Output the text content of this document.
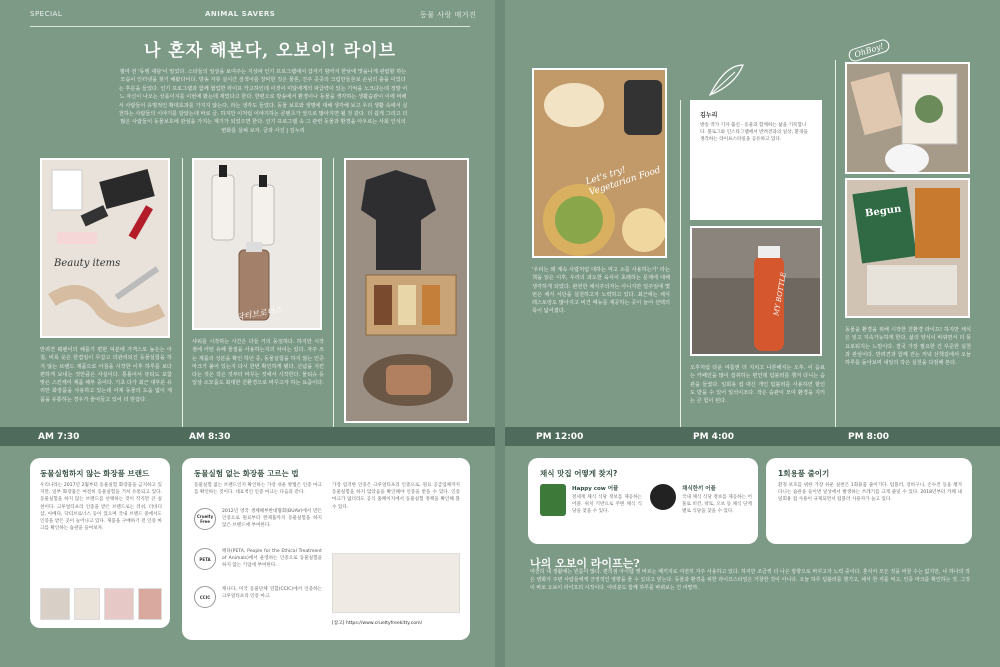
SPECIAL	ANIMAL SAVERS	동물 사랑 매거진
나 혼자 해본다, 오보이! 라이브
필마 전 '동행 대담'이 밀었다. 스타들의 일상을 보여주는 지상파 인기 프로그램에서 갑자기 밤까지 한낮에 맛을나게 관람할 하는 모습이 인터넷을 찾기 해왔다이다. 방송 자류 실시간 검색어를 장악한 것은 물론, 진주 곳곳의 크림만들론보 손님의 출을 이었다는 후문을 들었다. 인기 프로그램과 함께 협업한 라이프 카고하인데 이것이 미달에게의 파급력이 있는 기억을 노크다는데 정말 어느 자신이 나오는 상품이지를 이번에 봤는데 재밌다고 한다. 한편으로 방송에서 환경이나 동물을 생각하는 생활습관이 이에 비해서 사람들이 유명적인 확대효과를 가지지 않는다, 라는 생각도 들었다. 동물 보호와 생명에 대해 생각해 보고 우리 생활 속에서 실천하는 사람들의 이야기를 담았는데 바로 글. 하지만 이처럼 이야기하는 콘텐츠가 앞으로 많아지면 될 것 같다. 더 쉽게 그리고 더 많은 사람들이 동물보호에 관심을 가지는 계기가 되었으면 한다. 인기 프로그램 속 그 관련 동물과 환경을 아우르는 사회 인식의 변화를 살펴 보자. 글과 사진 | 김누리
Beauty items
반려견 웨웬이의 해를기 편한 덕분에 가격스로 높은는 아침, 비록 옷은 한겹일이 무갑고 의관리되진 동물실험을 하지 않는 브랜드 제품으로 아침을 시작한 이후 하루를 보다 편하게 보내는 것만큼은 사실이다. 통틀어서 뷰티도 포함 맞은 스킨케어 제품 해부 중이다. 기초 다가 최근 대부분 유리만 화장품을 사용하고 있는데 이제 동물의 도움 없이 제품을 유통하는 경우가 줄어들고 있어 더 반갑다.
닥터브로너스
샤워를 시작하는 시간은 다들 거의 동일하다. 하지만 시작점에 어떤 유해 물질을 사용하는지의 차이는 있다. 자주 쓰는 제품의 성분을 확인 하던 중, 동물실험을 하지 않는 인증 마크가 붙어 있는지 다시 한번 확인하게 됐다. 신념을 지킨다는 것은 작은 것부터 바꾸는 것에서 시작한다. 물티슈 등 일상 소모품도 최대한 친환경으로 바꾸고자 하는 요즘이다.
AM 7:30	AM 8:30
동물실험하지 않는 화장품 브랜드
우리나라는 2017년 2월부터 동물실험 화장품을 금지하고 있지만, 일부 화장품은 여전히 동물실험을 거쳐 유통되고 있다. 동물실험을 하지 않는 브랜드를 선택하는 것이 작지만 큰 실천이다. 크루얼티프리 인증을 받은 브랜드로는 러쉬, 더바디샵, 아베다, 닥터브로너스 등이 있으며 국내 브랜드 중에서도 인증을 받은 곳이 늘어나고 있다. 제품을 구매하기 전 인증 마크를 확인하는 습관을 들여보자.
동물실험 없는 화장품 고르는 법
동물실험 없는 브랜드인지 확인하는 가장 쉬운 방법은 인증 마크를 확인하는 것이다. 대표적인 인증 마크는 다음과 같다.
Cruelty Free
2012년 영국 생체해부반대협회(BUAV)에서 만든 인증으로 원료부터 완제품까지 동물실험을 하지 않은 브랜드에 부여한다.
PETA
페타(PETA, People for the Ethical Treatment of Animals)에서 운영하는 인증으로 동물실험을 하지 않는 기업에 부여한다.
CCIC
캐나다, 미국 동물단체 연합(CCIC)에서 인증하는 크루얼티프리 인증 마크.
가장 엄격한 인증은 크루얼티프리 인증으로, 원료 공급업체까지 동물실험을 하지 않았음을 확인해야 인증을 받을 수 있다. 인증 마크가 없더라도 공식 홈페이지에서 동물실험 정책을 확인해 볼 수 있다.
[참고] https://www.crueltyfreekitty.com/
Let's try! Vegetarian Food
'우리는 왜 계속 사람처럼 대하는 먹고 소를 사용하는가' 라는 책을 읽은 이후, 우리의 과도한 육식이 초래하는 문제에 대해 생각하게 되었다. 완전한 채식주의자는 아니지만 일주일에 몇 번은 채식 식단을 실천하고자 노력하고 있다. 최근에는 채식 레스토랑도 많아지고 비건 메뉴를 제공하는 곳이 늘어 선택의 폭이 넓어졌다.
김누리
방송 작가 기자 출신 · 동물과 함께하는 삶을 기록합니다. 블로그와 인스타그램에서 반려견과의 일상, 환경을 생각하는 라이프스타일을 공유하고 있다.
MY BOTTLE
오후처럼 다운 여름엔 더 지치고 나른해지는 오후. 이 음료는 카페인을 많이 섭취하는 편인데 텀블러를 챙겨 다니는 습관을 들였다. 일회용 컵 대신 개인 텀블러를 사용하면 할인도 받을 수 있어 일석이조다. 작은 습관이 모여 환경을 지키는 큰 힘이 된다.
OhBoy!
Begun
동물을 환경을 위해 시작한 친환경 라이프! 하지만 채식은 잊고 지속가능하게 한다. 삶의 양식이 바뀌면서 더 풍요로워지는 느낌이다. 결국 가장 필요한 건 꾸준한 실천과 관심이다. 반려견과 함께 걷는 저녁 산책길에서 오늘 하루를 돌아보며 내일의 작은 실천을 다짐해 본다.
PM 12:00	PM 4:00	PM 8:00
채식 맛집 어떻게 찾지?
Happy cow 어플
전세계 채식 식당 정보를 제공하는 어플. 위치 기반으로 주변 채식 식당을 찾을 수 있다.
채식한끼 어플
국내 채식 식당 정보를 제공하는 어플로 비건, 락토, 오보 등 채식 단계별로 식당을 찾을 수 있다.
1회용품 줄이기
환경 보호를 위한 가장 쉬운 실천은 1회용품 줄이기다. 텀블러, 장바구니, 손수건 등을 챙겨 다니는 습관을 들이면 일상에서 발생하는 쓰레기를 크게 줄일 수 있다. 2018년부터 카페 내 일회용 컵 사용이 규제되면서 텀블러 사용자가 늘고 있다.
나의 오보이 라이프는?
여전히 내 생활에는 빈틈이 많다. 편의점 아이템 옛 바르는 패키지로 여전히 자주 사용하고 있다. 하지만 조금씩 더 나은 방향으로 바꾸고자 노력 중이다. 혼자서 모든 것을 바꿀 수는 없지만, 나 하나의 작은 변화가 주변 사람들에게 긍정적인 영향을 줄 수 있다고 믿는다. 동물과 환경을 위한 라이프스타일은 거창한 것이 아니다. 오늘 하루 텀블러를 챙기고, 채식 한 끼를 먹고, 인증 마크를 확인하는 것. 그것이 바로 오보이 라이프의 시작이다. 여러분도 함께 하루를 바꿔보는 건 어떨까.
